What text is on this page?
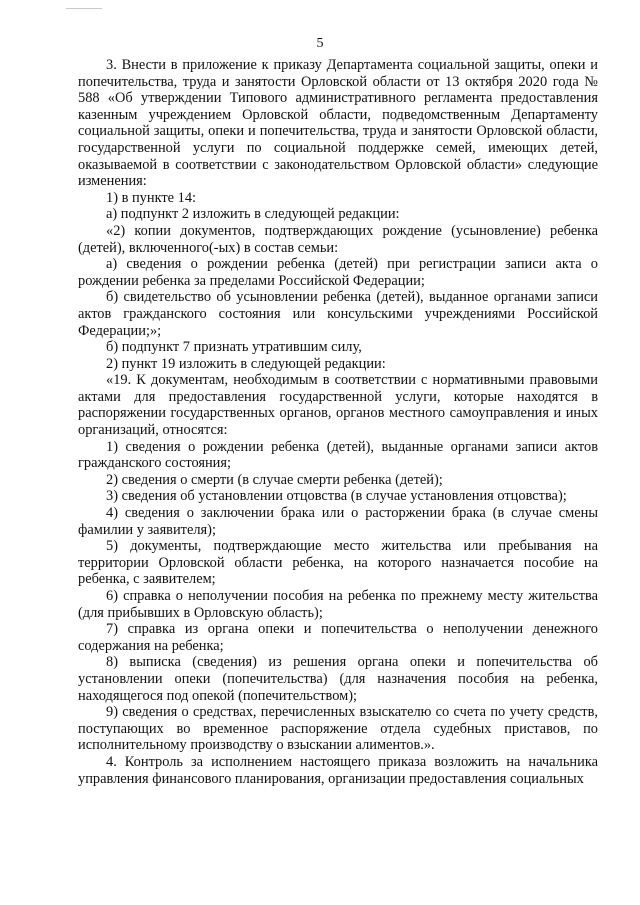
5

3. Внести в приложение к приказу Департамента социальной защиты, опеки и попечительства, труда и занятости Орловской области от 13 октября 2020 года № 588 «Об утверждении Типового административного регламента предоставления казенным учреждением Орловской области, подведомственным Департаменту социальной защиты, опеки и попечительства, труда и занятости Орловской области, государственной услуги по социальной поддержке семей, имеющих детей, оказываемой в соответствии с законодательством Орловской области» следующие изменения:

1) в пункте 14:

а) подпункт 2 изложить в следующей редакции:

«2) копии документов, подтверждающих рождение (усыновление) ребенка (детей), включенного(-ых) в состав семьи:

а) сведения о рождении ребенка (детей) при регистрации записи акта о рождении ребенка за пределами Российской Федерации;

б) свидетельство об усыновлении ребенка (детей), выданное органами записи актов гражданского состояния или консульскими учреждениями Российской Федерации;»;

б) подпункт 7 признать утратившим силу,

2) пункт 19 изложить в следующей редакции:

«19. К документам, необходимым в соответствии с нормативными правовыми актами для предоставления государственной услуги, которые находятся в распоряжении государственных органов, органов местного самоуправления и иных организаций, относятся:

1) сведения о рождении ребенка (детей), выданные органами записи актов гражданского состояния;

2) сведения о смерти (в случае смерти ребенка (детей);

3) сведения об установлении отцовства (в случае установления отцовства);

4) сведения о заключении брака или о расторжении брака (в случае смены фамилии у заявителя);

5) документы, подтверждающие место жительства или пребывания на территории Орловской области ребенка, на которого назначается пособие на ребенка, с заявителем;

6) справка о неполучении пособия на ребенка по прежнему месту жительства (для прибывших в Орловскую область);

7) справка из органа опеки и попечительства о неполучении денежного содержания на ребенка;

8) выписка (сведения) из решения органа опеки и попечительства об установлении опеки (попечительства) (для назначения пособия на ребенка, находящегося под опекой (попечительством);

9) сведения о средствах, перечисленных взыскателю со счета по учету средств, поступающих во временное распоряжение отдела судебных приставов, по исполнительному производству о взыскании алиментов.».

4. Контроль за исполнением настоящего приказа возложить на начальника управления финансового планирования, организации предоставления социальных
